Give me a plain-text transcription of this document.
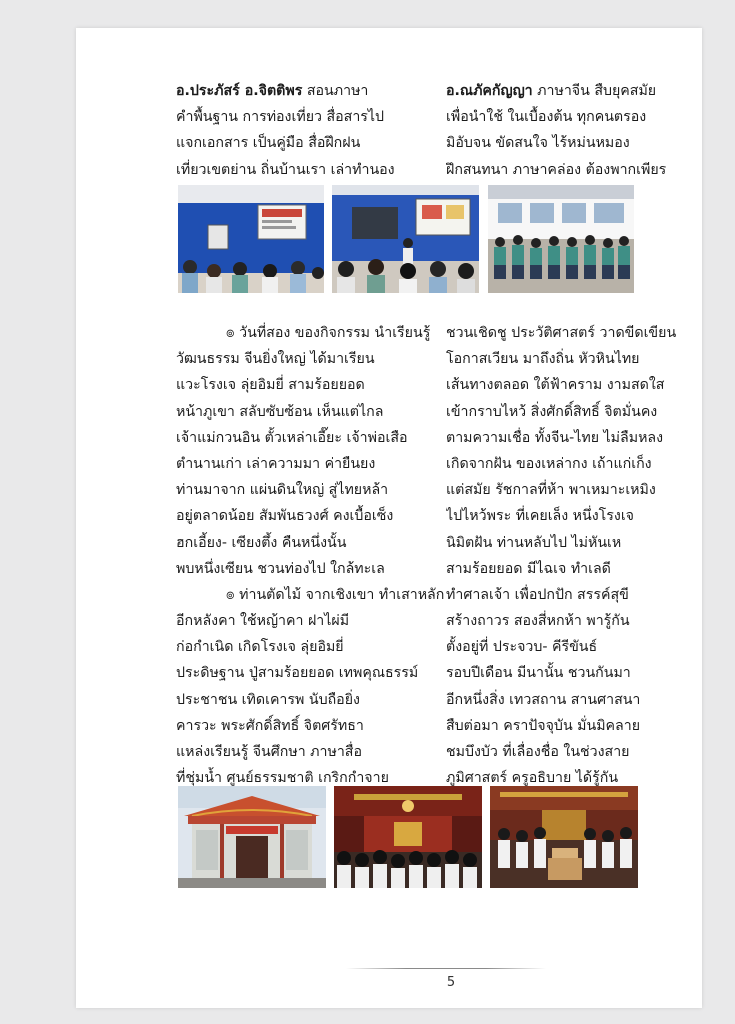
อ.ประภัสร์ อ.จิตติพร สอนภาษา
คำพื้นฐาน การท่องเที่ยว สื่อสารไป
แจกเอกสาร เป็นคู่มือ สื่อฝึกฝน
เที่ยวเขตย่าน ถิ่นบ้านเรา เล่าทำนอง
อ.ณภัคกัญญา ภาษาจีน สืบยุคสมัย
เพื่อนำใช้ ในเบื้องต้น ทุกคนตรอง
มิอับจน ขัดสนใจ ไร้หม่นหมอง
ฝึกสนทนา ภาษาคล่อง ต้องพากเพียร
๏ วันที่สอง ของกิจกรรม นำเรียนรู้
วัฒนธรรม จีนยิ่งใหญ่ ได้มาเรียน
แวะโรงเจ ลุ่ยอิมยี่ สามร้อยยอด
หน้าภูเขา สลับซับซ้อน เห็นแต่ไกล
เจ้าแม่กวนอิน ตั้วเหล่าเอี๊ยะ เจ้าพ่อเสือ
ตำนานเก่า เล่าความมา ค่ายืนยง
ท่านมาจาก แผ่นดินใหญ่ สู่ไทยหล้า
อยู่ตลาดน้อย สัมพันธวงศ์ คงเบื้อเซ็ง
ฮกเอี้ยง- เซียงตึ้ง คืนหนึ่งนั้น
พบหนึ่งเซียน ชวนท่องไป ใกล้ทะเล
๏ ท่านตัดไม้ จากเชิงเขา ทำเสาหลัก
อีกหลังคา ใช้หญ้าคา ฝาไผ่มี
ก่อกำเนิด เกิดโรงเจ ลุ่ยอิมยี่
ประดิษฐาน ปู่สามร้อยยอด เทพคุณธรรม์
ประชาชน เทิดเคารพ นับถือยิ่ง
คารวะ พระศักดิ์สิทธิ์ จิตศรัทธา
แหล่งเรียนรู้ จีนศึกษา ภาษาสื่อ
ที่ชุ่มน้ำ ศูนย์ธรรมชาติ เกริกกำจาย
ชวนเชิดชู ประวัติศาสตร์ วาดขีดเขียน
โอกาสเวียน มาถึงถิ่น หัวหินไทย
เส้นทางตลอด ใต้ฟ้าคราม งามสดใส
เข้ากราบไหว้ สิ่งศักดิ์สิทธิ์ จิตมั่นคง
ตามความเชื่อ ทั้งจีน-ไทย ไม่ลืมหลง
เกิดจากฝัน ของเหล่ากง เถ้าแก่เก็ง
แต่สมัย รัชกาลที่ห้า พาเหมาะเหมิง
ไปไหว้พระ ที่เคยเล็ง หนึ่งโรงเจ
นิมิตฝัน ท่านหลับไป ไม่หันเห
สามร้อยยอด มีไฉเจ ทำเลดี
ทำศาลเจ้า เพื่อปกปัก สรรค์สุขี
สร้างถาวร สองสี่หกห้า พารู้กัน
ตั้งอยู่ที่ ประจวบ- คีรีขันธ์
รอบปีเดือน มีนานั้น ชวนกันมา
อีกหนึ่งสิ่ง เทวสถาน สานศาสนา
สืบต่อมา คราปัจจุบัน มั่นมิคลาย
ชมบึงบัว ที่เลื่องชื่อ ในช่วงสาย
ภูมิศาสตร์ ครูอธิบาย ได้รู้กัน
5
